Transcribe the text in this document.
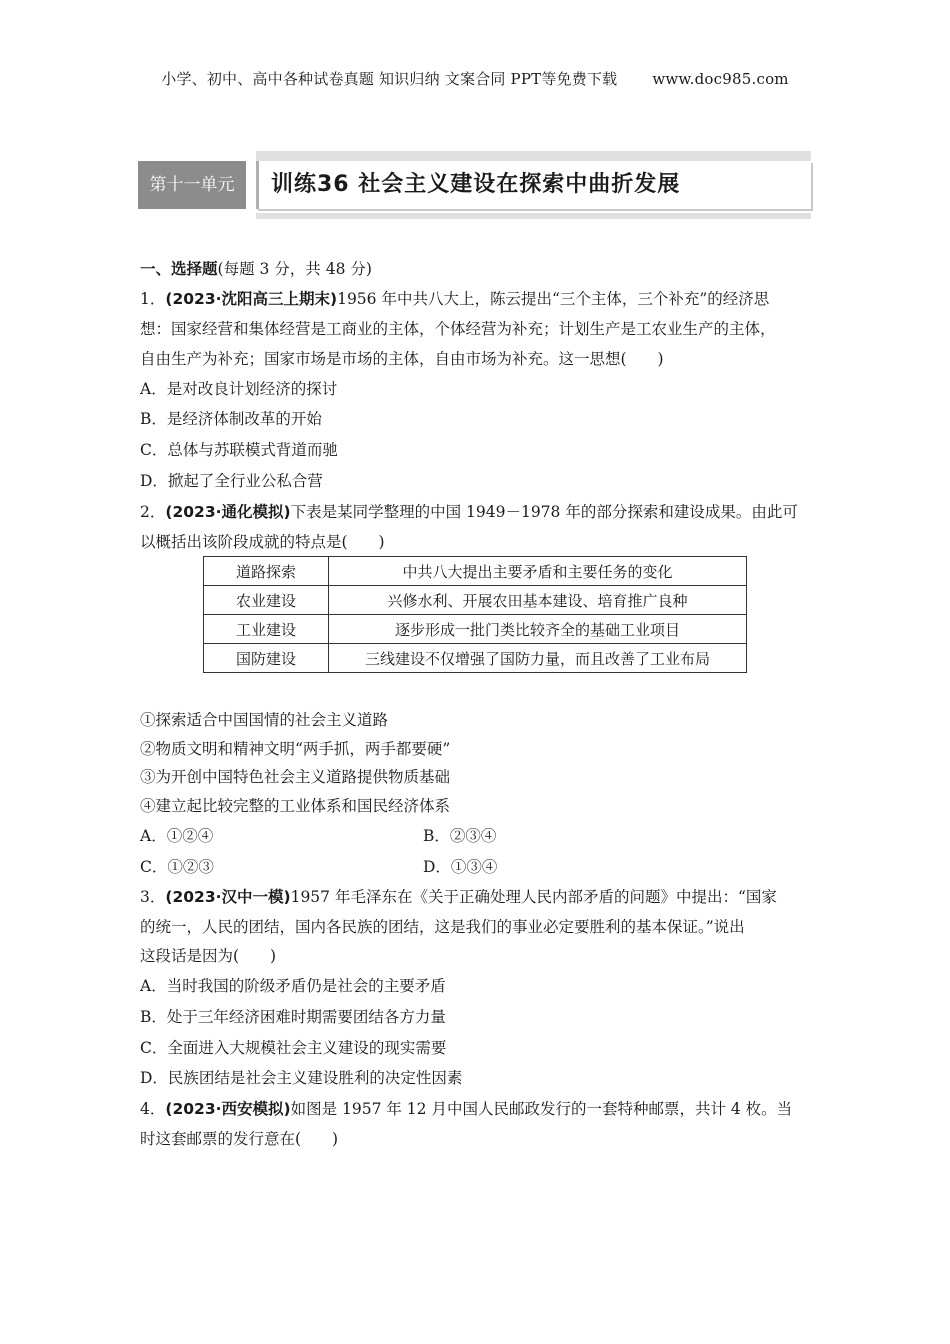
小学、初中、高中各种试卷真题 知识归纳 文案合同 PPT等免费下载 www.doc985.com
第十一单元	训练36 社会主义建设在探索中曲折发展
一、选择题(每题 3 分，共 48 分)
1．(2023·沈阳高三上期末)1956 年中共八大上，陈云提出“三个主体，三个补充”的经济思
想：国家经营和集体经营是工商业的主体，个体经营为补充；计划生产是工农业生产的主体，
自由生产为补充；国家市场是市场的主体，自由市场为补充。这一思想(　　)
A．是对改良计划经济的探讨
B．是经济体制改革的开始
C．总体与苏联模式背道而驰
D．掀起了全行业公私合营
2．(2023·通化模拟)下表是某同学整理的中国 1949－1978 年的部分探索和建设成果。由此可
以概括出该阶段成就的特点是(　　)
道路探索	中共八大提出主要矛盾和主要任务的变化
农业建设	兴修水利、开展农田基本建设、培育推广良种
工业建设	逐步形成一批门类比较齐全的基础工业项目
国防建设	三线建设不仅增强了国防力量，而且改善了工业布局
①探索适合中国国情的社会主义道路
②物质文明和精神文明“两手抓，两手都要硬”
③为开创中国特色社会主义道路提供物质基础
④建立起比较完整的工业体系和国民经济体系
A．①②④	B．②③④
C．①②③	D．①③④
3．(2023·汉中一模)1957 年毛泽东在《关于正确处理人民内部矛盾的问题》中提出：“国家
的统一，人民的团结，国内各民族的团结，这是我们的事业必定要胜利的基本保证。”说出
这段话是因为(　　)
A．当时我国的阶级矛盾仍是社会的主要矛盾
B．处于三年经济困难时期需要团结各方力量
C．全面进入大规模社会主义建设的现实需要
D．民族团结是社会主义建设胜利的决定性因素
4．(2023·西安模拟)如图是 1957 年 12 月中国人民邮政发行的一套特种邮票，共计 4 枚。当
时这套邮票的发行意在(　　)
